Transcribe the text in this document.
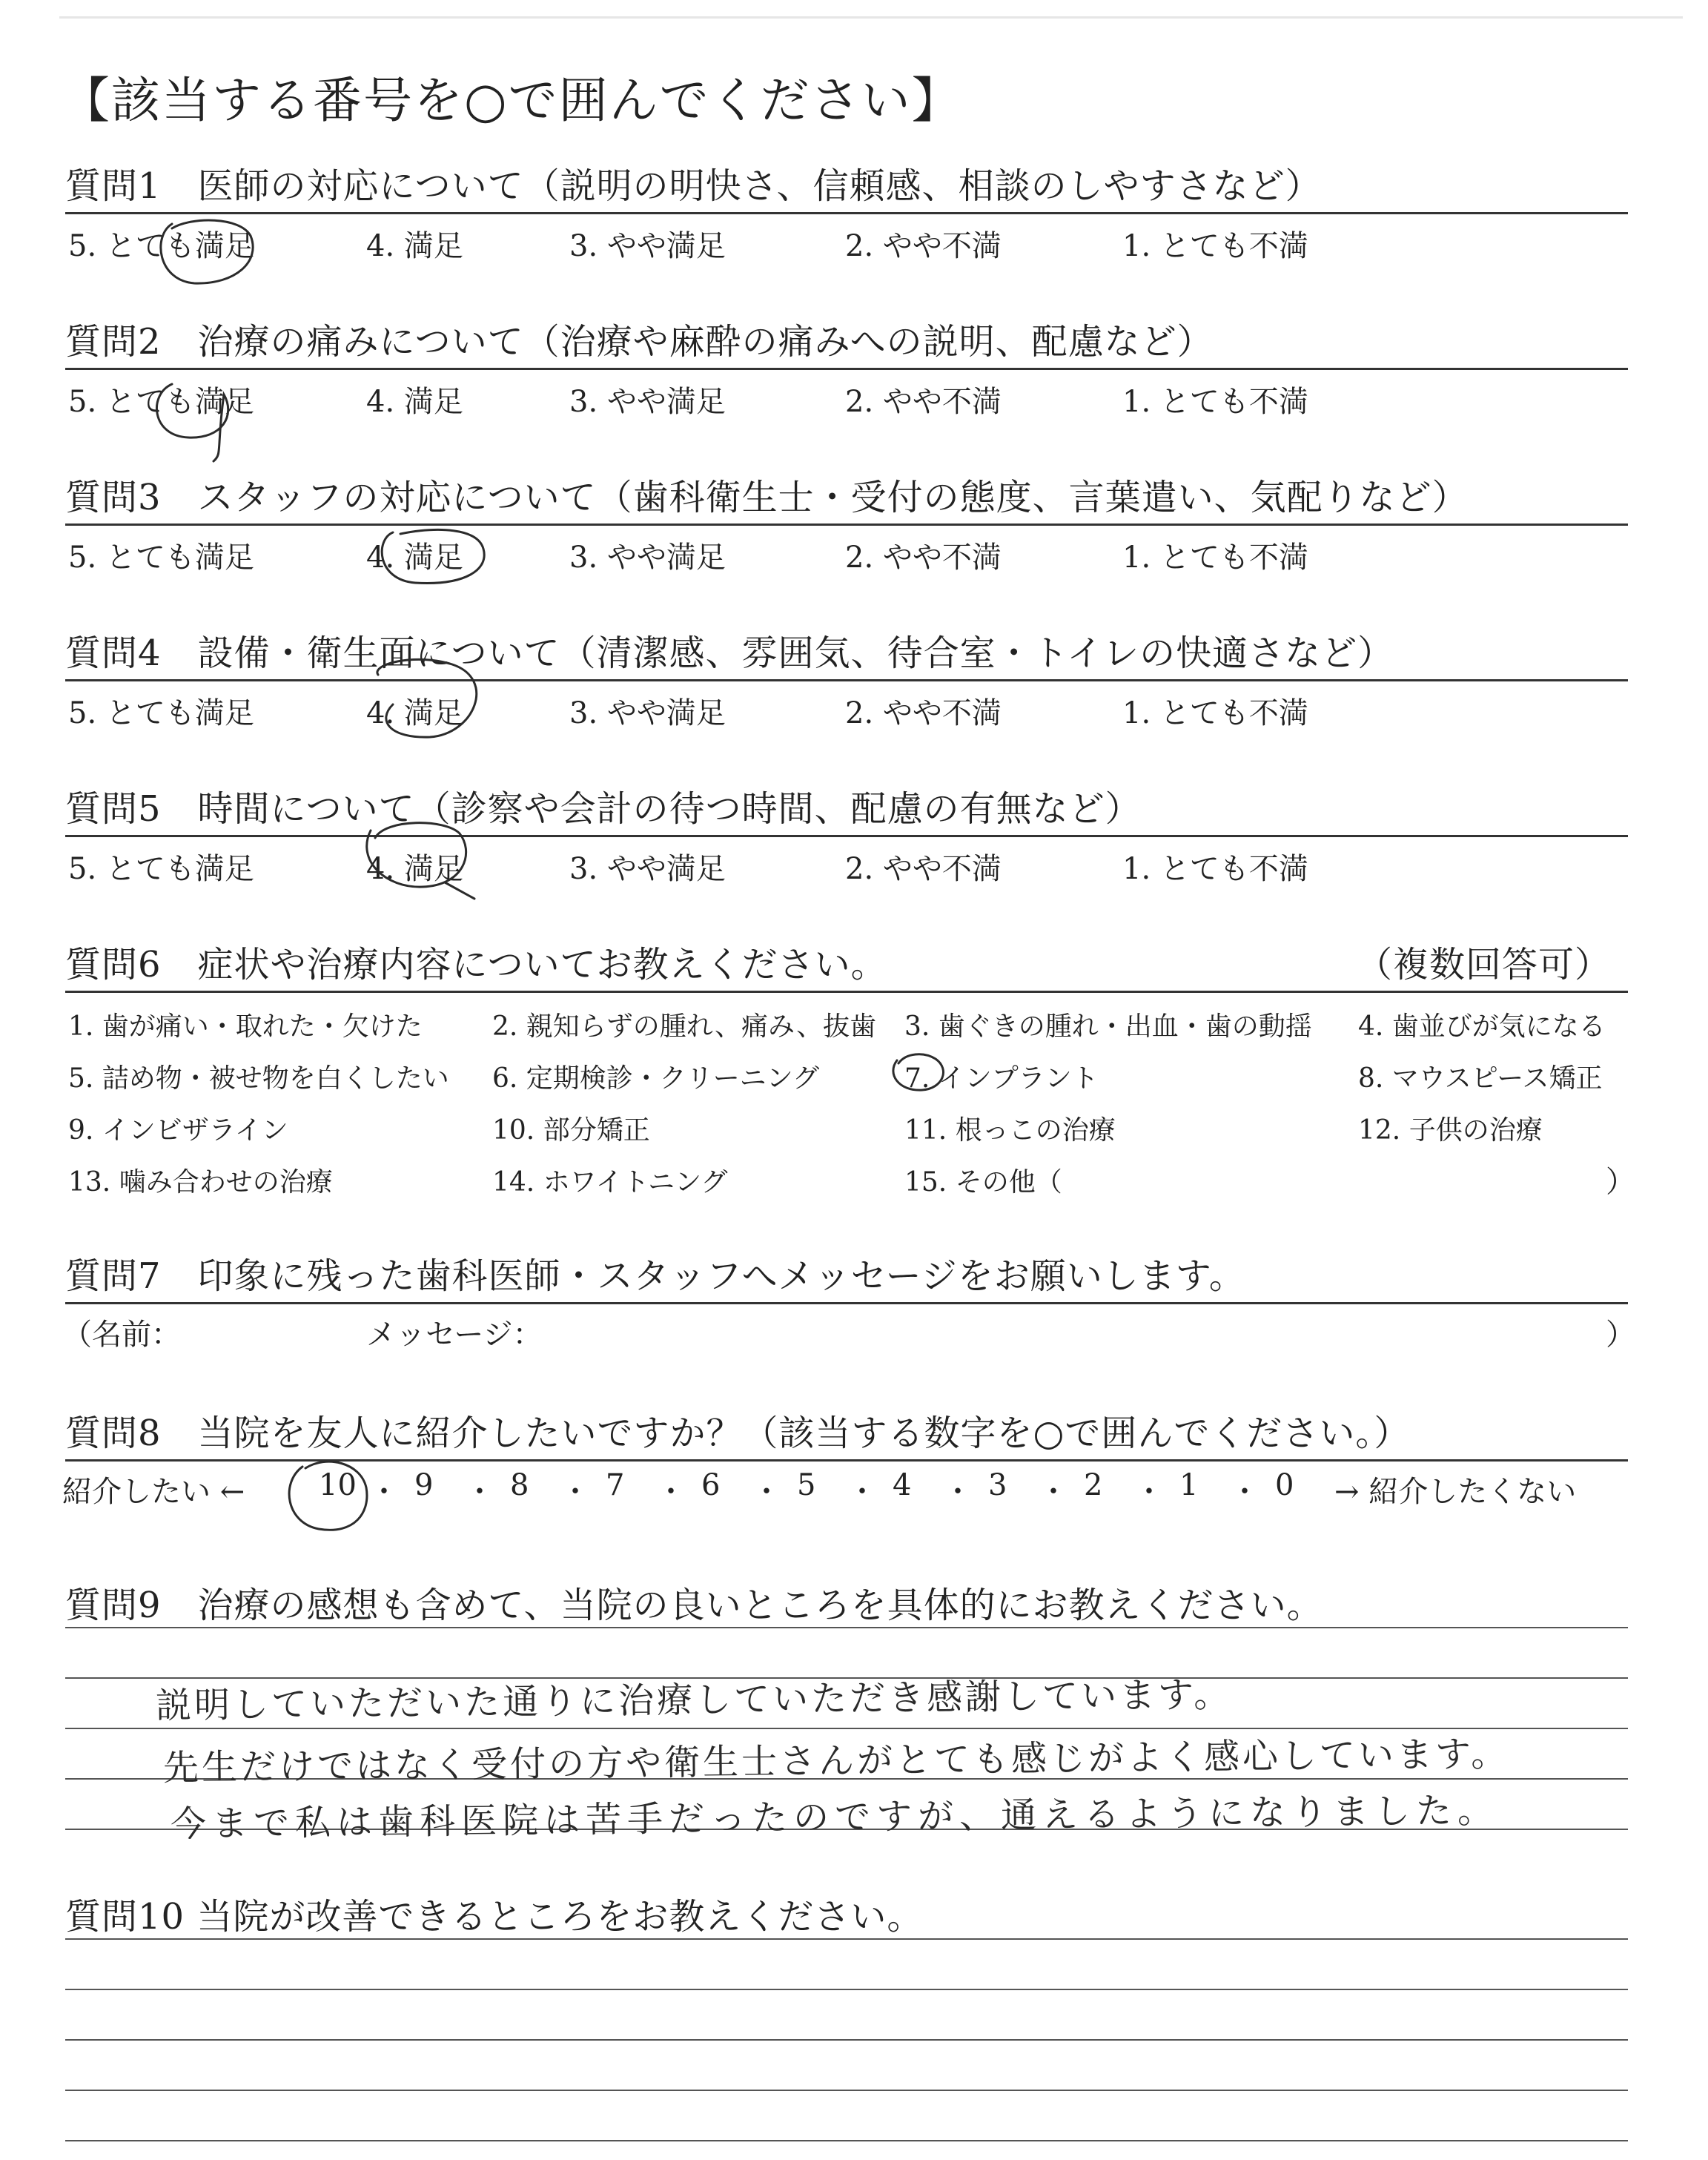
【該当する番号を○で囲んでください】
質問1　医師の対応について（説明の明快さ、信頼感、相談のしやすさなど）
5. とても満足	4. 満足	3. やや満足	2. やや不満	1. とても不満
質問2　治療の痛みについて（治療や麻酔の痛みへの説明、配慮など）
5. とても満足	4. 満足	3. やや満足	2. やや不満	1. とても不満
質問3　スタッフの対応について（歯科衛生士・受付の態度、言葉遣い、気配りなど）
5. とても満足	4. 満足	3. やや満足	2. やや不満	1. とても不満
質問4　設備・衛生面について（清潔感、雰囲気、待合室・トイレの快適さなど）
5. とても満足	4. 満足	3. やや満足	2. やや不満	1. とても不満
質問5　時間について（診察や会計の待つ時間、配慮の有無など）
5. とても満足	4. 満足	3. やや満足	2. やや不満	1. とても不満
質問6　症状や治療内容についてお教えください。	（複数回答可）
1. 歯が痛い・取れた・欠けた	2. 親知らずの腫れ、痛み、抜歯 3. 歯ぐきの腫れ・出血・歯の動揺 4. 歯並びが気になる
5. 詰め物・被せ物を白くしたい 6. 定期検診・クリーニング	7. インプラント	8. マウスピース矯正
9. インビザライン	10. 部分矯正	11. 根っこの治療	12. 子供の治療
13. 噛み合わせの治療	14. ホワイトニング	15. その他（	）
質問7　印象に残った歯科医師・スタッフへメッセージをお願いします。
（名前：	メッセージ：	）
質問8　当院を友人に紹介したいですか？（該当する数字を○で囲んでください。）
紹介したい ← 10 ・ 9 ・ 8 ・ 7 ・ 6 ・ 5 ・ 4 ・ 3 ・ 2 ・ 1 ・ 0 → 紹介したくない
質問9　治療の感想も含めて、当院の良いところを具体的にお教えください。
説明していただいた通りに治療していただき感謝しています。
先生だけではなく受付の方や衛生士さんがとても感じがよく感心しています。
今まで私は歯科医院は苦手だったのですが、通えるようになりました。
質問10 当院が改善できるところをお教えください。
